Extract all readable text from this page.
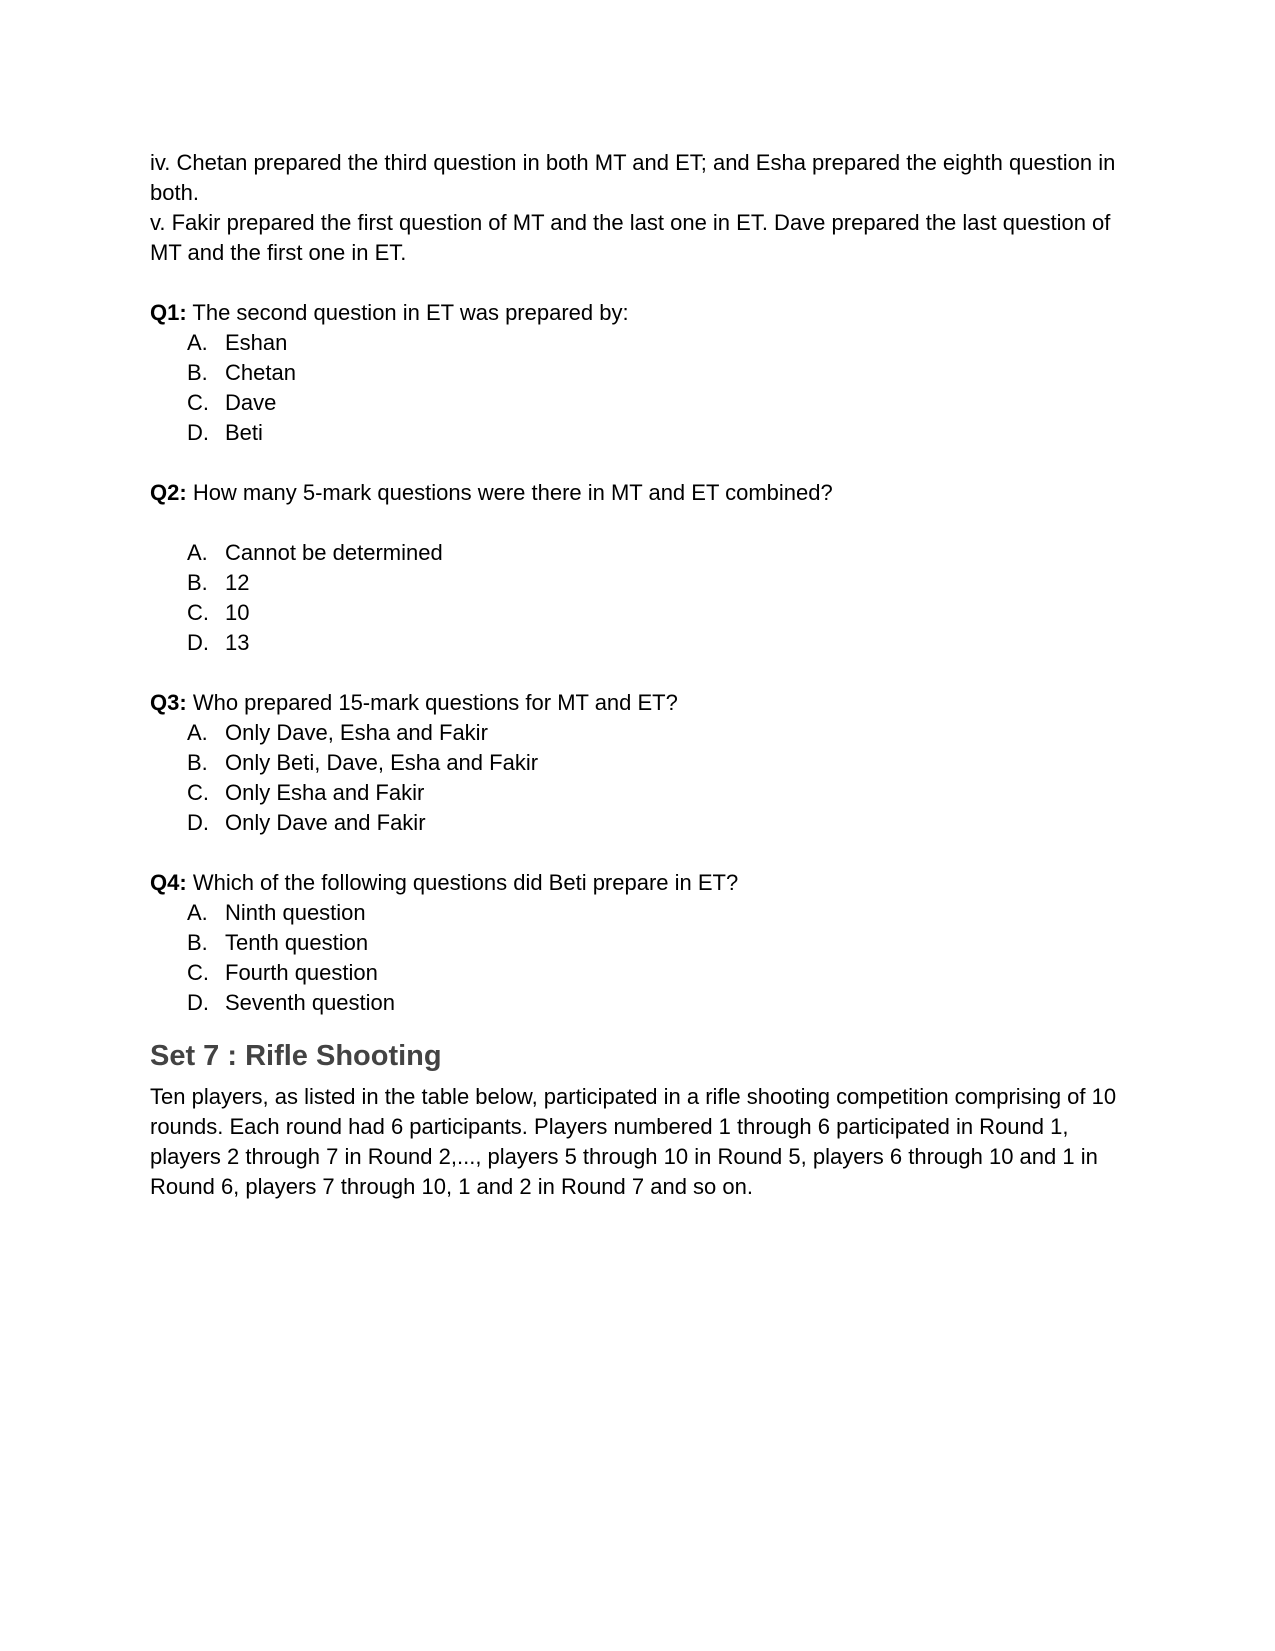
iv. Chetan prepared the third question in both MT and ET; and Esha prepared the eighth question in both.

v. Fakir prepared the first question of MT and the last one in ET. Dave prepared the last question of MT and the first one in ET.

Q1: The second question in ET was prepared by:

A. Eshan
B. Chetan
C. Dave
D. Beti

Q2: How many 5-mark questions were there in MT and ET combined?

A. Cannot be determined
B. 12
C. 10
D. 13

Q3: Who prepared 15-mark questions for MT and ET?

A. Only Dave, Esha and Fakir
B. Only Beti, Dave, Esha and Fakir
C. Only Esha and Fakir
D. Only Dave and Fakir

Q4: Which of the following questions did Beti prepare in ET?

A. Ninth question
B. Tenth question
C. Fourth question
D. Seventh question
Set 7 : Rifle Shooting

Ten players, as listed in the table below, participated in a rifle shooting competition comprising of 10 rounds. Each round had 6 participants. Players numbered 1 through 6 participated in Round 1, players 2 through 7 in Round 2,..., players 5 through 10 in Round 5, players 6 through 10 and 1 in Round 6, players 7 through 10, 1 and 2 in Round 7 and so on.
